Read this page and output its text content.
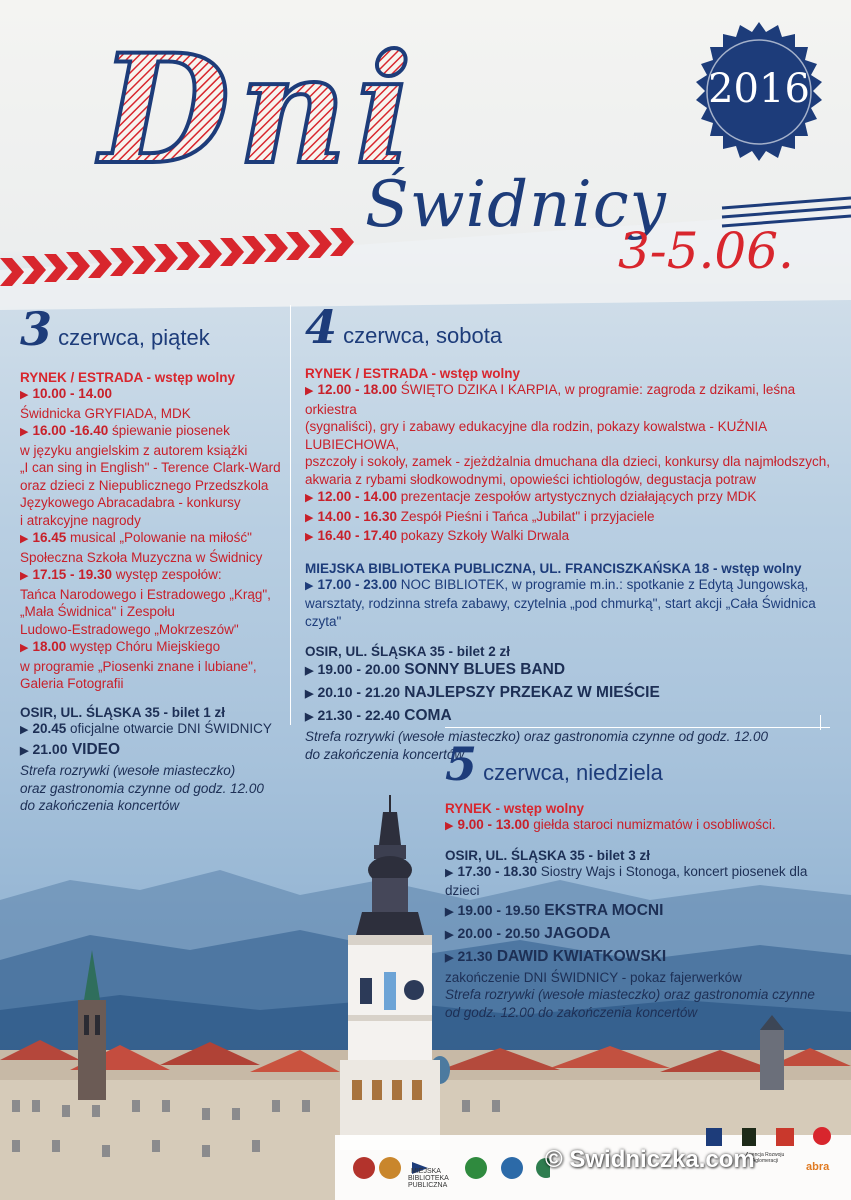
Dni
Świdnicy
3-5.06.
2016
3 czerwca, piątek
RYNEK / ESTRADA - wstęp wolny
▶ 10.00 - 14.00
Świdnicka GRYFIADA, MDK
▶ 16.00 -16.40 śpiewanie piosenek
w języku angielskim z autorem książki
„I can sing in English" - Terence Clark-Ward
oraz dzieci z Niepublicznego Przedszkola
Językowego Abracadabra - konkursy
i atrakcyjne nagrody
▶ 16.45 musical „Polowanie na miłość"
Społeczna Szkoła Muzyczna w Świdnicy
▶ 17.15 - 19.30 występ zespołów:
Tańca Narodowego i Estradowego „Krąg",
„Mała Świdnica" i Zespołu
Ludowo-Estradowego „Mokrzeszów"
▶ 18.00 występ Chóru Miejskiego
w programie „Piosenki znane i lubiane",
Galeria Fotografii
OSIR, UL. ŚLĄSKA 35 - bilet 1 zł
▶ 20.45 oficjalne otwarcie DNI ŚWIDNICY
▶ 21.00 VIDEO
Strefa rozrywki (wesołe miasteczko)
oraz gastronomia czynne od godz. 12.00
do zakończenia koncertów
4 czerwca, sobota
RYNEK / ESTRADA - wstęp wolny
▶ 12.00 - 18.00 ŚWIĘTO DZIKA I KARPIA, w programie: zagroda z dzikami, leśna orkiestra
(sygnaliści), gry i zabawy edukacyjne dla rodzin, pokazy kowalstwa - KUŹNIA LUBIECHOWA,
pszczoły i sokoły, zamek - zjeżdżalnia dmuchana dla dzieci, konkursy dla najmłodszych,
akwaria z rybami słodkowodnymi, opowieści ichtiologów, degustacja potraw
▶ 12.00 - 14.00 prezentacje zespołów artystycznych działających przy MDK
▶ 14.00 - 16.30 Zespół Pieśni i Tańca „Jubilat" i przyjaciele
▶ 16.40 - 17.40 pokazy Szkoły Walki Drwala
MIEJSKA BIBLIOTEKA PUBLICZNA, UL. FRANCISZKAŃSKA 18 - wstęp wolny
▶ 17.00 - 23.00 NOC BIBLIOTEK, w programie m.in.: spotkanie z Edytą Jungowską,
warsztaty, rodzinna strefa zabawy, czytelnia „pod chmurką", start akcji „Cała Świdnica czyta"
OSIR, UL. ŚLĄSKA 35 - bilet 2 zł
▶ 19.00 - 20.00 SONNY BLUES BAND
▶ 20.10 - 21.20 NAJLEPSZY PRZEKAZ W MIEŚCIE
▶ 21.30 - 22.40 COMA
Strefa rozrywki (wesołe miasteczko) oraz gastronomia czynne od godz. 12.00
do zakończenia koncertów
5 czerwca, niedziela
RYNEK - wstęp wolny
▶ 9.00 - 13.00 giełda staroci numizmatów i osobliwości.
OSIR, UL. ŚLĄSKA 35 - bilet 3 zł
▶ 17.30 - 18.30 Siostry Wajs i Stonoga, koncert piosenek dla dzieci
▶ 19.00 - 19.50 EKSTRA MOCNI
▶ 20.00 - 20.50 JAGODA
▶ 21.30 DAWID KWIATKOWSKI
zakończenie DNI ŚWIDNICY - pokaz fajerwerków
Strefa rozrywki (wesołe miasteczko) oraz gastronomia czynne
od godz. 12.00 do zakończenia koncertów
MIEJSKA BIBLIOTEKA PUBLICZNA
Agencja Rozwoju Aglomeracji	abra
© Swidniczka.com
